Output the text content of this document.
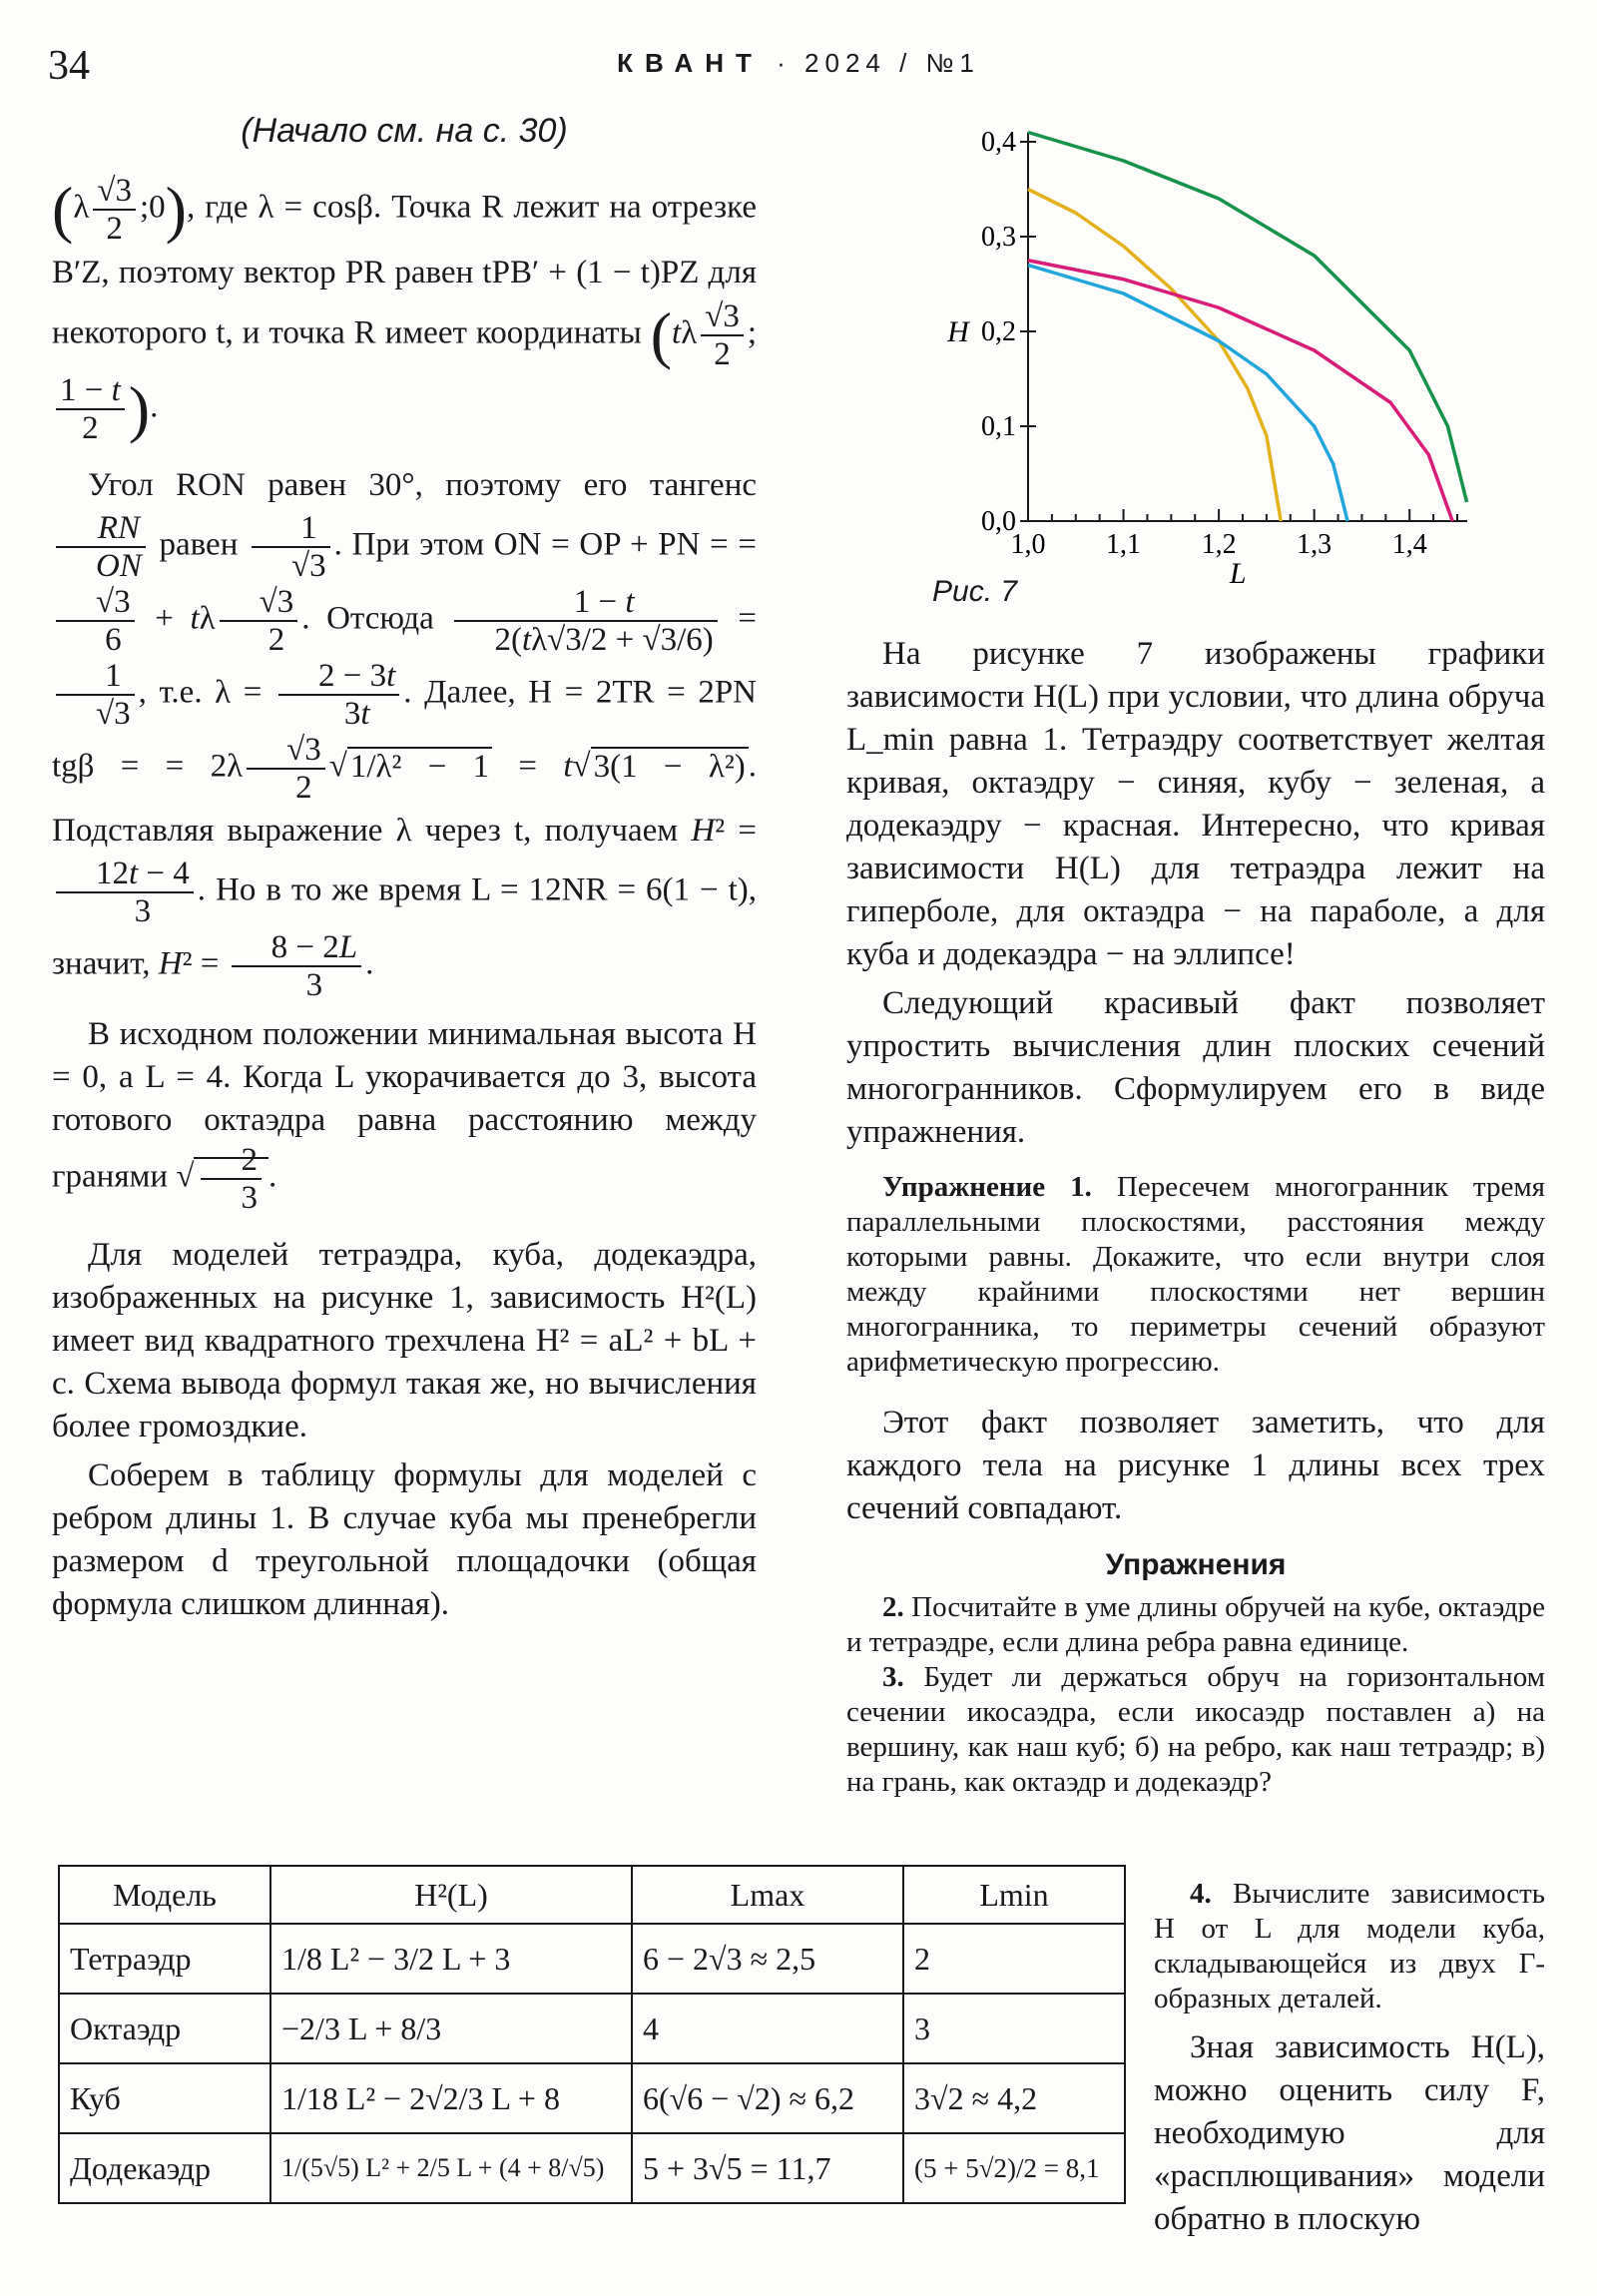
34	КВАНТ · 2024 / №1
(Начало см. на с. 30)

($\lambda \frac{√3}{2}$ ;0), где λ = cosβ. Точка R лежит на отрезке B′Z, поэтому вектор PR равен tPB′ + (1 − t)PZ для некоторого t, и точка R имеет координаты ($t\lambda \frac{√3}{2}$ ;
$\frac{1 - t}{2}$ ).

Угол RON равен 30°, поэтому его тангенс
$\frac{RN}{ON}$ равен $\frac{1}{√3}$ . При этом ON = OP + PN = =
$\frac{√3}{6} + t\lambda \frac{√3}{2}$ . Отсюда $\frac{1 - t}{2(t\lambda√3/2 + √3/6)}$ =
$\frac{1}{√3}$ , т.е. $\lambda = \frac{2 - 3t}{3t}$ . Далее, H = 2TR = 2PN tgβ = = $2\lambda \frac{√3}{2} √1/\lambda^2 - 1 = t√3(1 - \lambda^2)$. Подставляя выражение λ через t, получаем H² =
$\frac{12t - 4}{3}$ . Но в то же время L = 12NR = 6(1 − t), значит, $H^2 = \frac{8 - 2L}{3}$ .

В исходном положении минимальная высота H = 0, а L = 4. Когда L укорачивается до 3, высота готового октаэдра равна расстоянию между гранями √ $\frac{2}{3}$ .

Для моделей тетраэдра, куба, додекаэдра, изображенных на рисунке 1, зависимость H²(L) имеет вид квадратного трехчлена H² = aL² + bL + c. Схема вывода формул такая же, но вычисления более громоздкие.

Соберем в таблицу формулы для моделей с ребром длины 1. В случае куба мы пренебрегли размером d треугольной площадочки (общая формула слишком длинная).

1,0 1,1 1,2 1,3 1,4
0,0
0,1
0,2
0,3
0,4
L
H
Рис. 7

На рисунке 7 изображены графики зависимости H(L) при условии, что длина обруча L_min равна 1. Тетраэдру соответствует желтая кривая, октаэдру − синяя, кубу − зеленая, а додекаэдру − красная. Интересно, что кривая зависимости H(L) для тетраэдра лежит на гиперболе, для октаэдра − на параболе, а для куба и додекаэдра − на эллипсе!

Следующий красивый факт позволяет упростить вычисления длин плоских сечений многогранников. Сформулируем его в виде упражнения.

Упражнение 1. Пересечем многогранник тремя параллельными плоскостями, расстояния между которыми равны. Докажите, что если внутри слоя между крайними плоскостями нет вершин многогранника, то периметры сечений образуют арифметическую прогрессию.

Этот факт позволяет заметить, что для каждого тела на рисунке 1 длины всех трех сечений совпадают.

Упражнения

2. Посчитайте в уме длины обручей на кубе, октаэдре и тетраэдре, если длина ребра равна единице.

3. Будет ли держаться обруч на горизонтальном сечении икосаэдра, если икосаэдр поставлен а) на вершину, как наш куб; б) на ребро, как наш тетраэдр; в) на грань, как октаэдр и додекаэдр?

4. Вычислите зависимость H от L для модели куба, складывающейся из двух Г-образных деталей.

Зная зависимость H(L), можно оценить силу F, необходимую для «расплющивания» модели обратно в плоскую

Модель	H²(L)	Lmax	Lmin
Тетраэдр	1/8 L² − 3/2 L + 3	6 − 2√3 ≈ 2,5	2
Октаэдр	−2/3 L + 8/3	4	3
Куб	1/18 L² − 2√2/3 L + 8	6(√6 − √2) ≈ 6,2	3√2 ≈ 4,2
Додекаэдр	1/(5√5) L² + 2/5 L + (4 + 8/√5)	5 + 3√5 = 11,7	(5 + 5√2)/2 = 8,1
